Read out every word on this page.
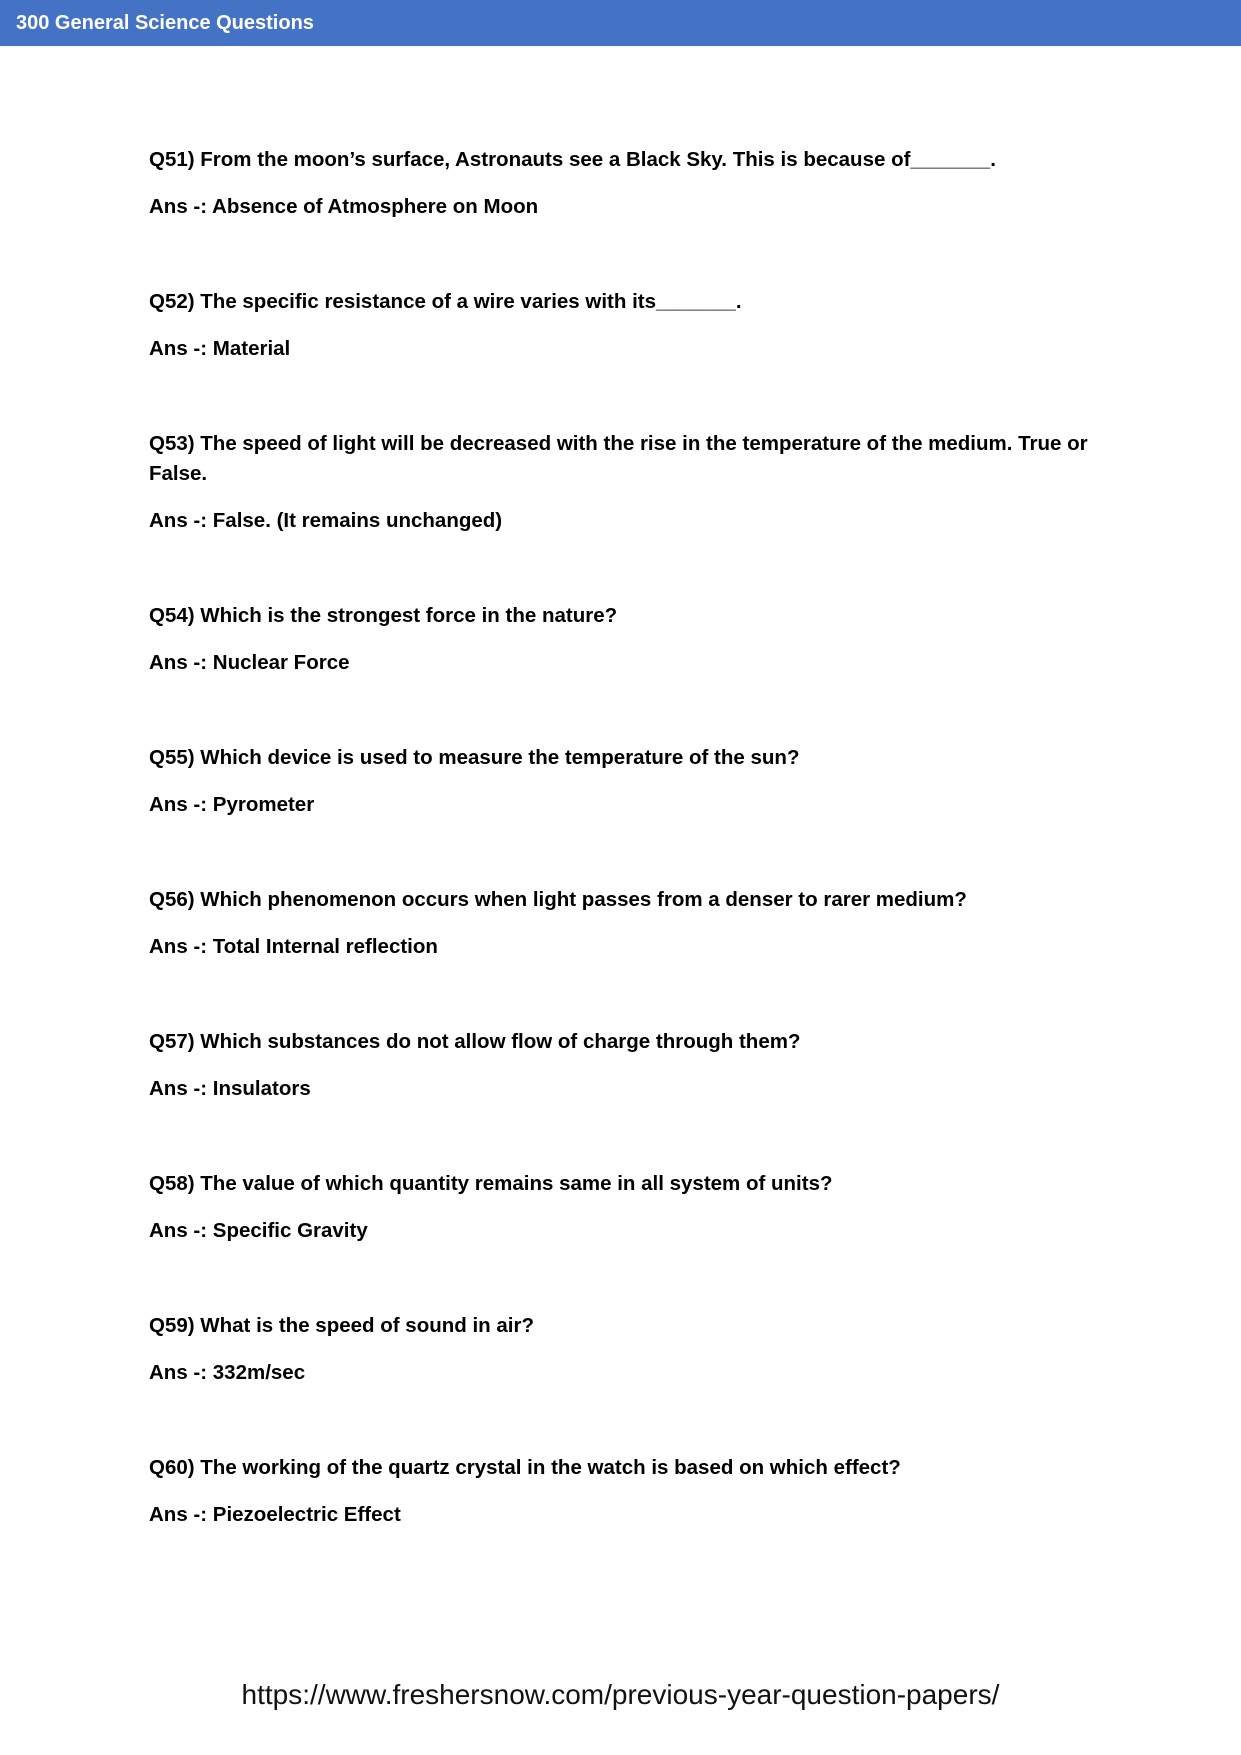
300 General Science Questions

Q51) From the moon’s surface, Astronauts see a Black Sky. This is because of_______.

Ans -: Absence of Atmosphere on Moon

Q52) The specific resistance of a wire varies with its_______.

Ans -: Material

Q53) The speed of light will be decreased with the rise in the temperature of the medium. True or False.

Ans -: False. (It remains unchanged)

Q54) Which is the strongest force in the nature?

Ans -: Nuclear Force

Q55) Which device is used to measure the temperature of the sun?

Ans -: Pyrometer

Q56) Which phenomenon occurs when light passes from a denser to rarer medium?

Ans -: Total Internal reflection

Q57) Which substances do not allow flow of charge through them?

Ans -: Insulators

Q58) The value of which quantity remains same in all system of units?

Ans -: Specific Gravity

Q59) What is the speed of sound in air?

Ans -: 332m/sec

Q60) The working of the quartz crystal in the watch is based on which effect?

Ans -: Piezoelectric Effect

https://www.freshersnow.com/previous-year-question-papers/
